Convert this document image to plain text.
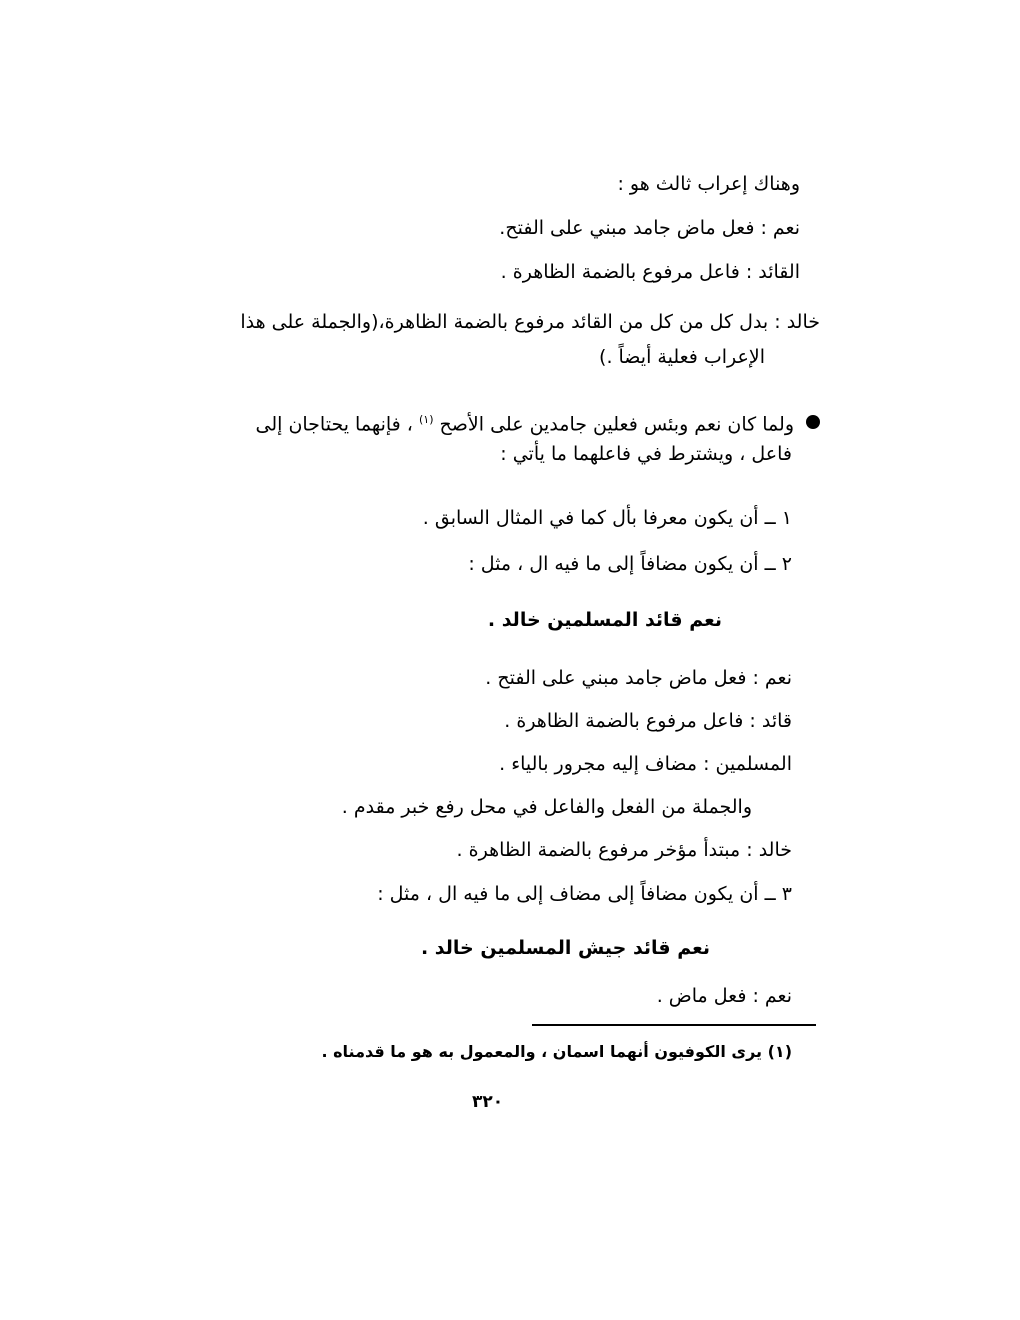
وهناك إعراب ثالث هو :
نعم : فعل ماض جامد مبني على الفتح.
القائد : فاعل مرفوع بالضمة الظاهرة .
خالد : بدل كل من كل من القائد مرفوع بالضمة الظاهرة،(والجملة على هذا
الإعراب فعلية أيضاً .)
ولما كان نعم وبئس فعلين جامدين على الأصح $^{(١)}$ ، فإنهما يحتاجان إلى
فاعل ، ويشترط في فاعلهما ما يأتي :
١ ــ أن يكون معرفا بأل كما في المثال السابق .
٢ ــ أن يكون مضافاً إلى ما فيه ال ، مثل :
نعم قائد المسلمين خالد .
نعم : فعل ماض جامد مبني على الفتح .
قائد : فاعل مرفوع بالضمة الظاهرة .
المسلمين : مضاف إليه مجرور بالياء .
والجملة من الفعل والفاعل في محل رفع خبر مقدم .
خالد : مبتدأ مؤخر مرفوع بالضمة الظاهرة .
٣ ــ أن يكون مضافاً إلى مضاف إلى ما فيه ال ، مثل :
نعم قائد جيش المسلمين خالد .
نعم : فعل ماض .
(١) يرى الكوفيون أنهما اسمان ، والمعمول به هو ما قدمناه .
٣٢٠
